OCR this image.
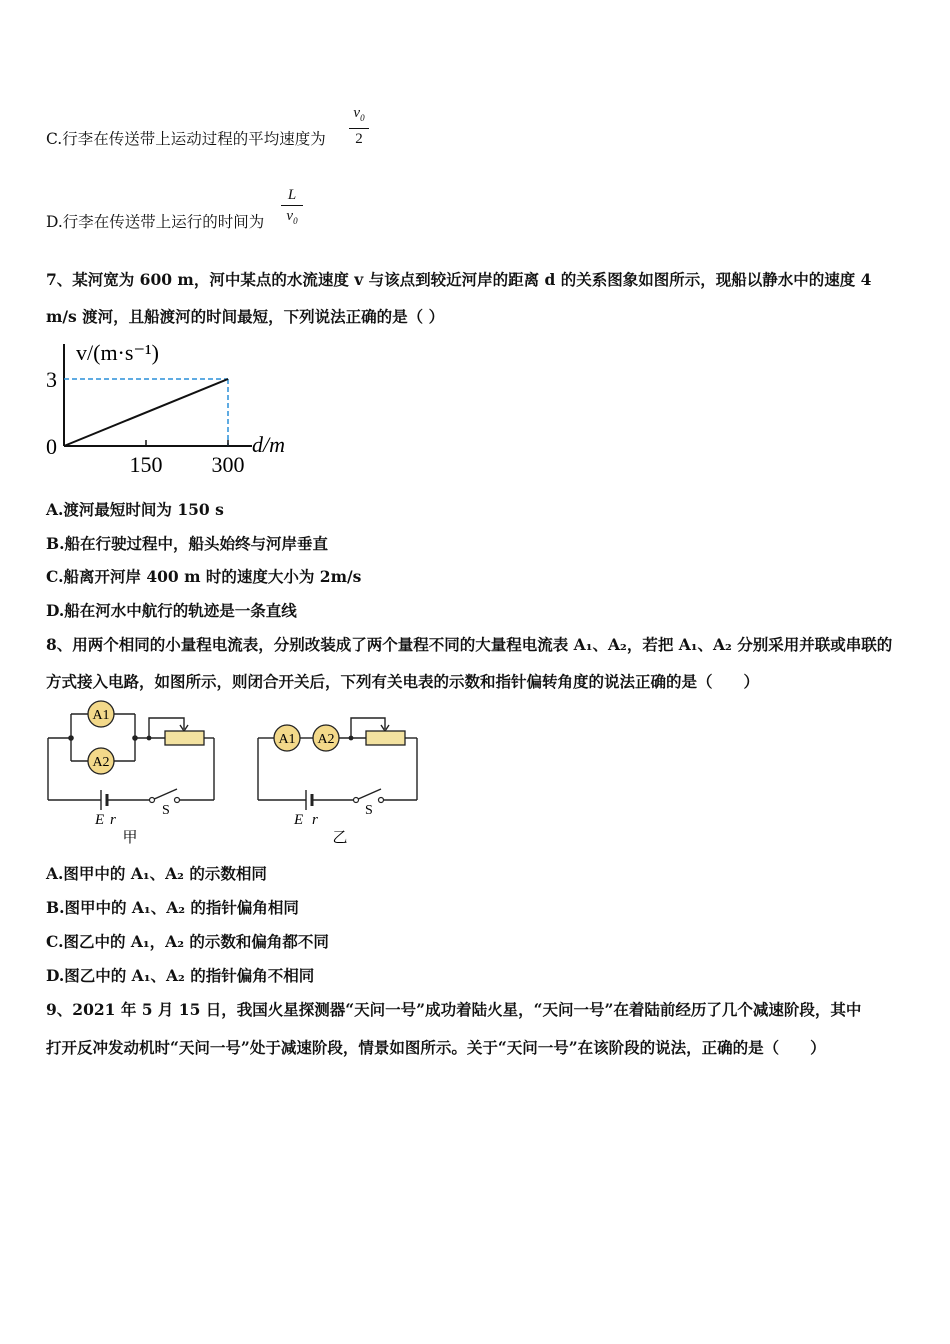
C.行李在传送带上运动过程的平均速度为
$v_0$
2
D.行李在传送带上运行的时间为
L
$v_0$
7、某河宽为 600 m，河中某点的水流速度 v 与该点到较近河岸的距离 d 的关系图象如图所示，现船以静水中的速度 4
m/s 渡河，且船渡河的时间最短，下列说法正确的是（ ）
v/(m·s⁻¹)
d/m
0
150 300
3
A.渡河最短时间为 150 s
B.船在行驶过程中，船头始终与河岸垂直
C.船离开河岸 400 m 时的速度大小为 2m/s
D.船在河水中航行的轨迹是一条直线
8、用两个相同的小量程电流表，分别改装成了两个量程不同的大量程电流表 A₁、A₂，若把 A₁、A₂ 分别采用并联或串联的
方式接入电路，如图所示，则闭合开关后，下列有关电表的示数和指针偏转角度的说法正确的是（　　）
A1
A2
E r
S
甲
A1 A2
E r
S
乙
A.图甲中的 A₁、A₂ 的示数相同
B.图甲中的 A₁、A₂ 的指针偏角相同
C.图乙中的 A₁，A₂ 的示数和偏角都不同
D.图乙中的 A₁、A₂ 的指针偏角不相同
9、2021 年 5 月 15 日，我国火星探测器“天问一号”成功着陆火星，“天问一号”在着陆前经历了几个减速阶段，其中
打开反冲发动机时“天问一号”处于减速阶段，情景如图所示。关于“天问一号”在该阶段的说法，正确的是（　　）
